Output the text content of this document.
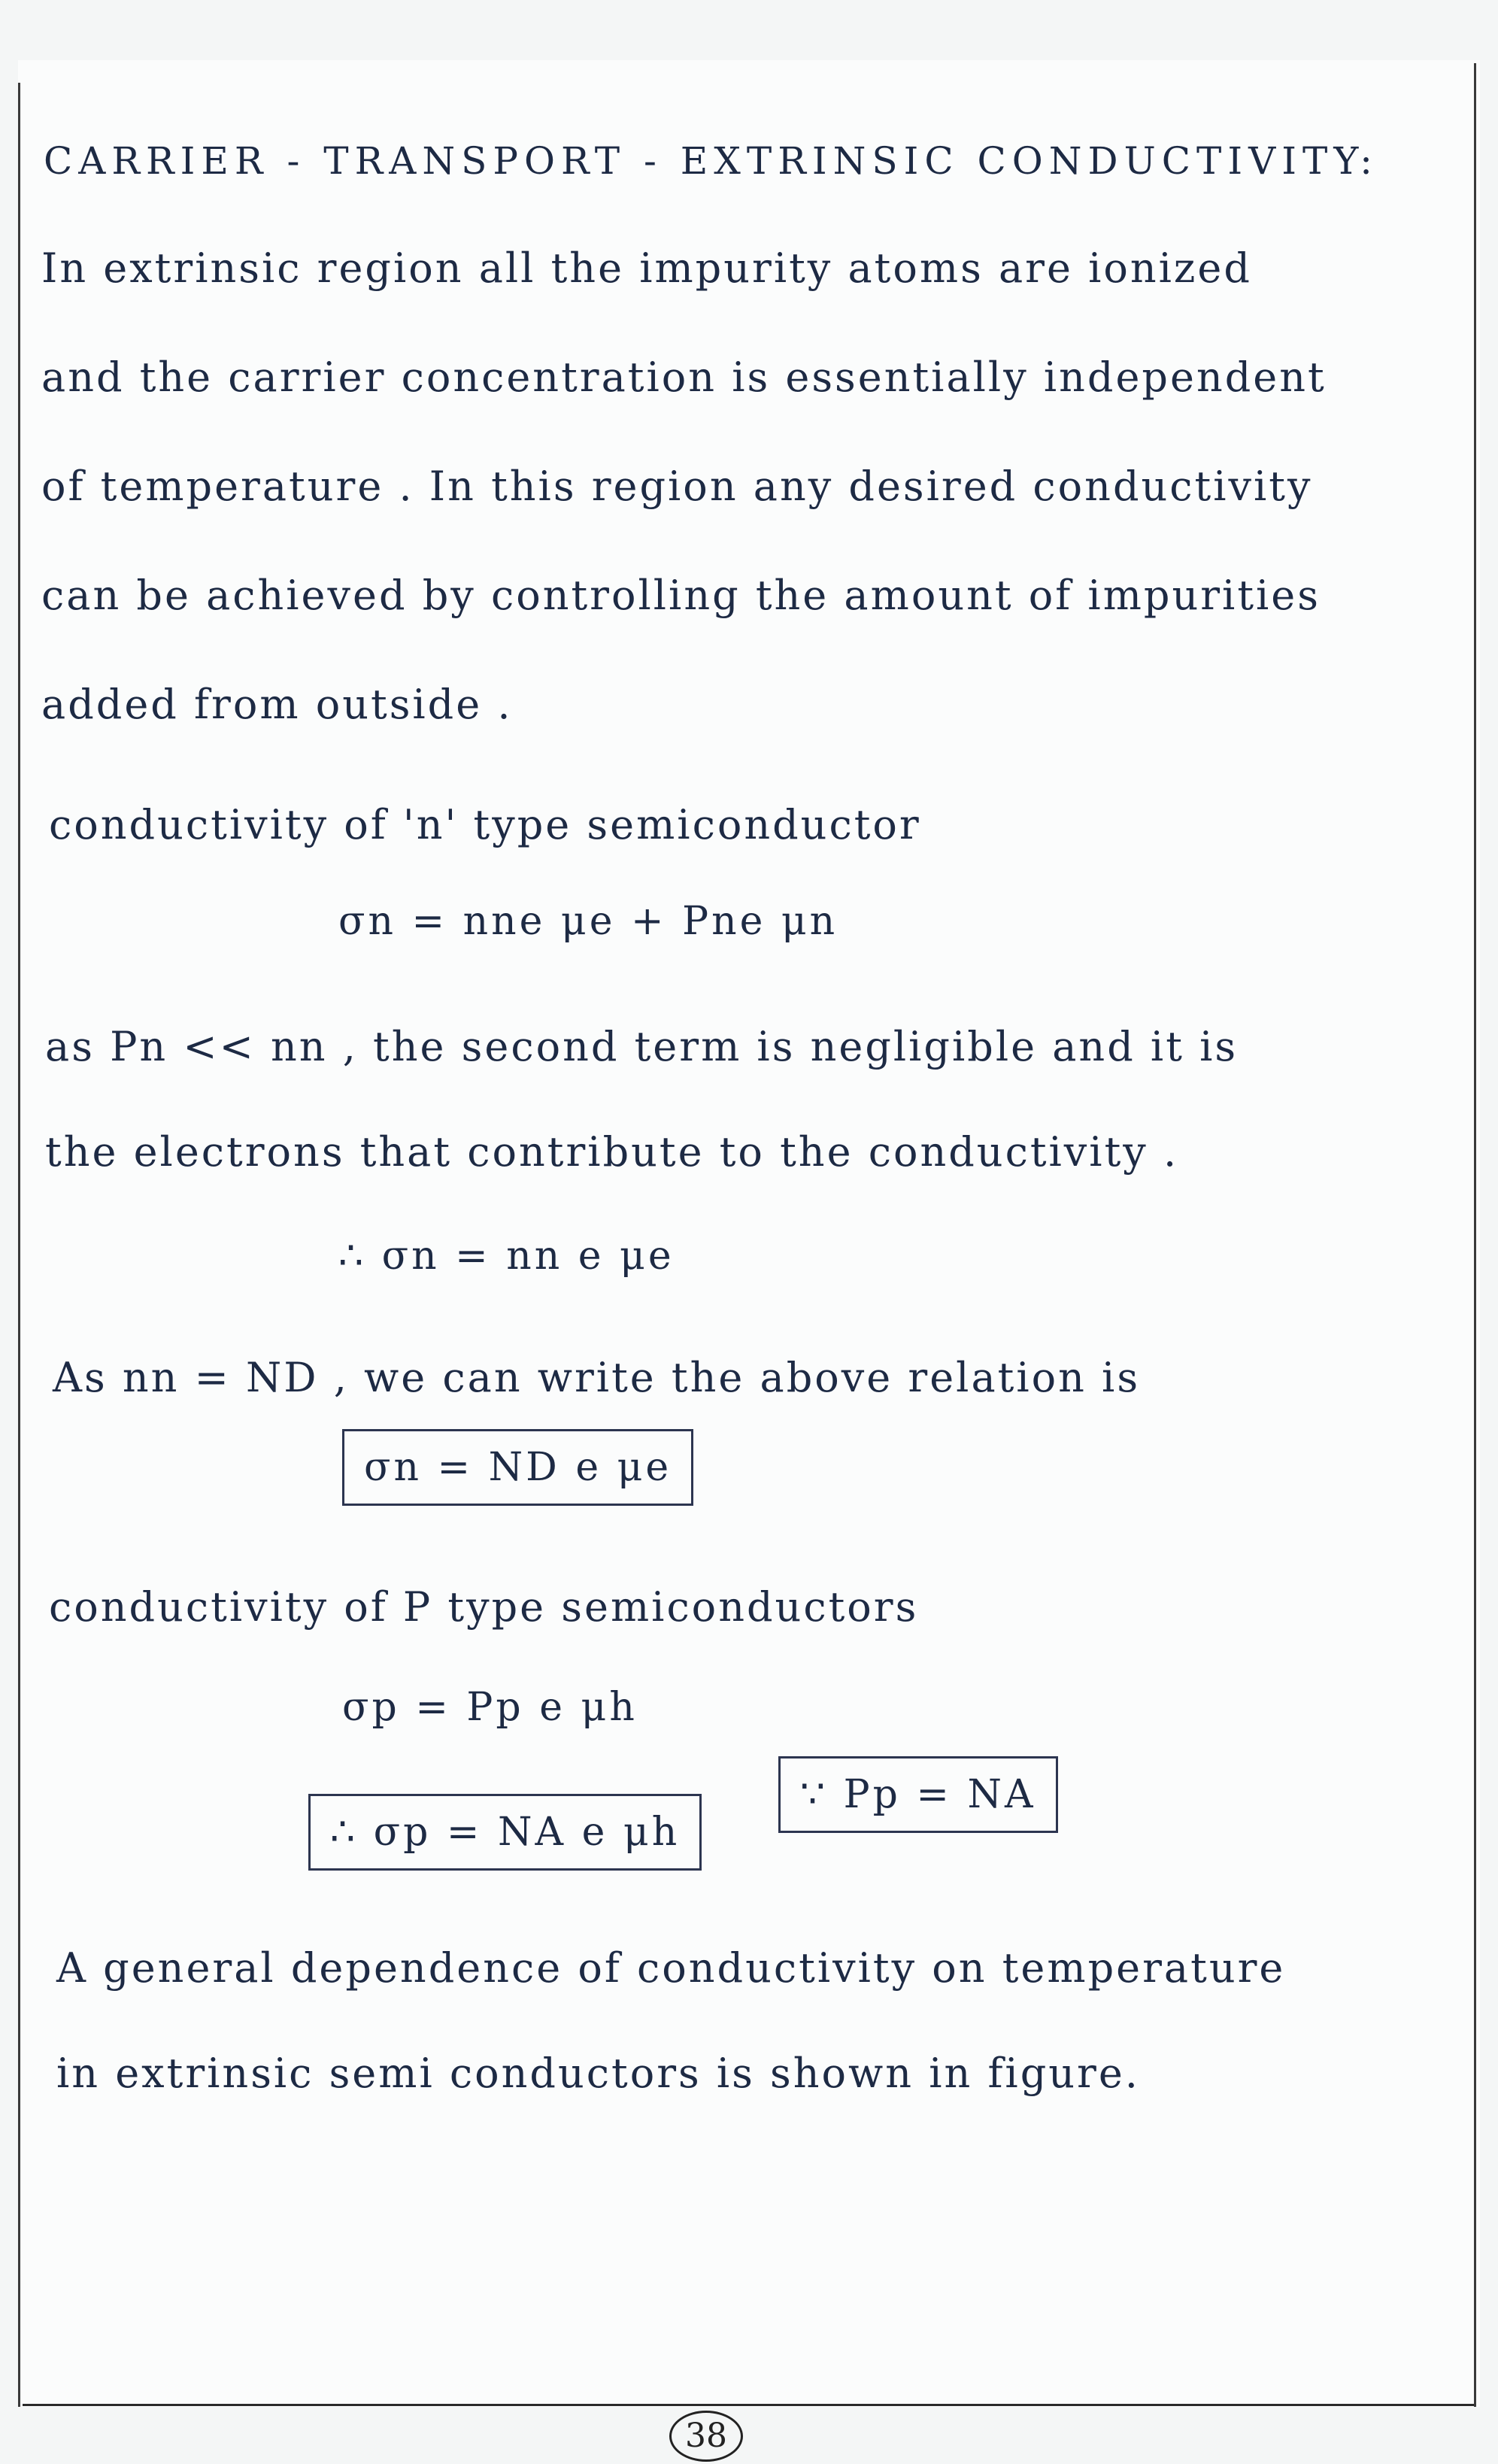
CARRIER - TRANSPORT - EXTRINSIC CONDUCTIVITY:
In extrinsic region all the impurity atoms are ionized
and the carrier concentration is essentially independent
of temperature . In this region any desired conductivity
can be achieved by controlling the amount of impurities
added from outside .
conductivity of 'n' type semiconductor
σn = nne μe + Pne μn
as Pn << nn , the second term is negligible and it is
the electrons that contribute to the conductivity .
∴ σn = nn e μe
As nn = ND , we can write the above relation is
σn = ND e μe
conductivity of P type semiconductors
σp = Pp e μh
∴ σp = NA e μh
∵ Pp = NA
A general dependence of conductivity on temperature
in extrinsic semi conductors is shown in figure.
38
